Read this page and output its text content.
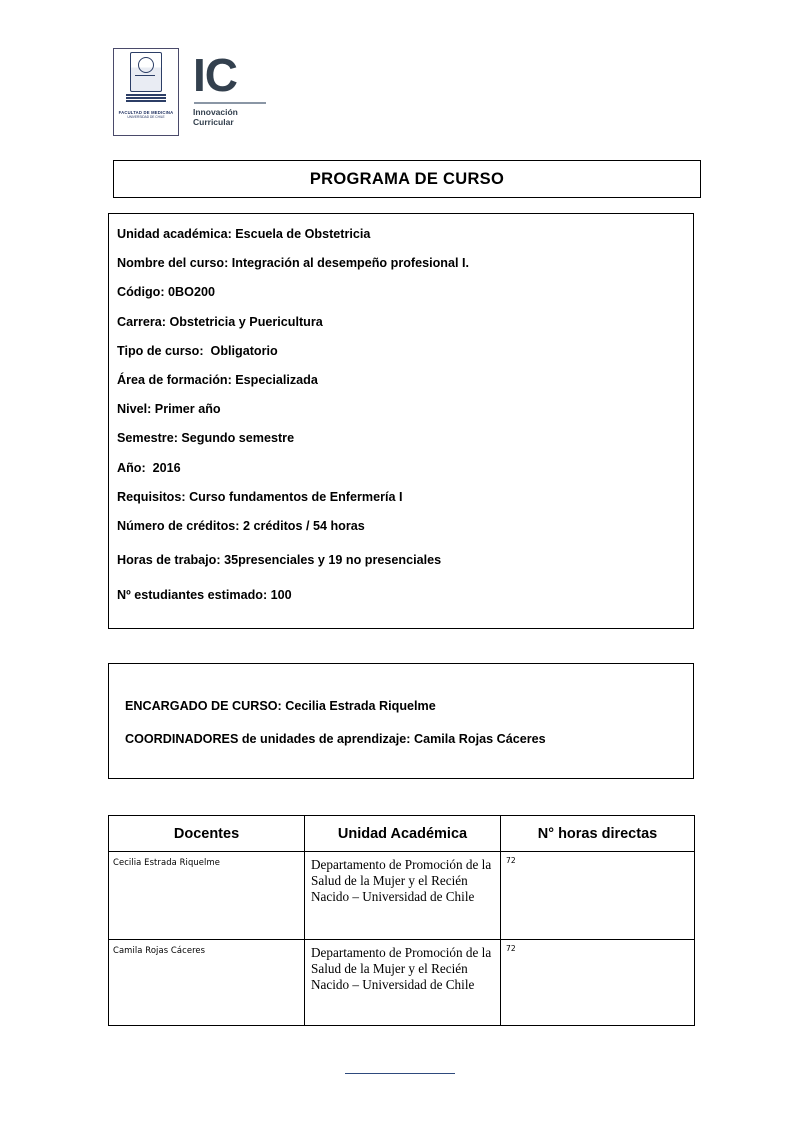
FACULTAD DE MEDICINA
UNIVERSIDAD DE CHILE
IC
Innovación
Curricular
PROGRAMA DE CURSO
Unidad académica: Escuela de Obstetricia
Nombre del curso: Integración al desempeño profesional I.
Código: 0BO200
Carrera: Obstetricia y Puericultura
Tipo de curso:  Obligatorio
Área de formación: Especializada
Nivel: Primer año
Semestre: Segundo semestre
Año:  2016
Requisitos: Curso fundamentos de Enfermería I
Número de créditos: 2 créditos / 54 horas
Horas de trabajo: 35presenciales y 19 no presenciales
Nº estudiantes estimado: 100
ENCARGADO DE CURSO: Cecilia Estrada Riquelme
COORDINADORES de unidades de aprendizaje: Camila Rojas Cáceres
Docentes	Unidad Académica	N° horas directas
Cecilia Estrada Riquelme	Departamento de Promoción de la Salud de la Mujer y el Recién Nacido – Universidad de Chile	72
Camila Rojas Cáceres	Departamento de Promoción de la Salud de la Mujer y el Recién Nacido – Universidad de Chile	72
